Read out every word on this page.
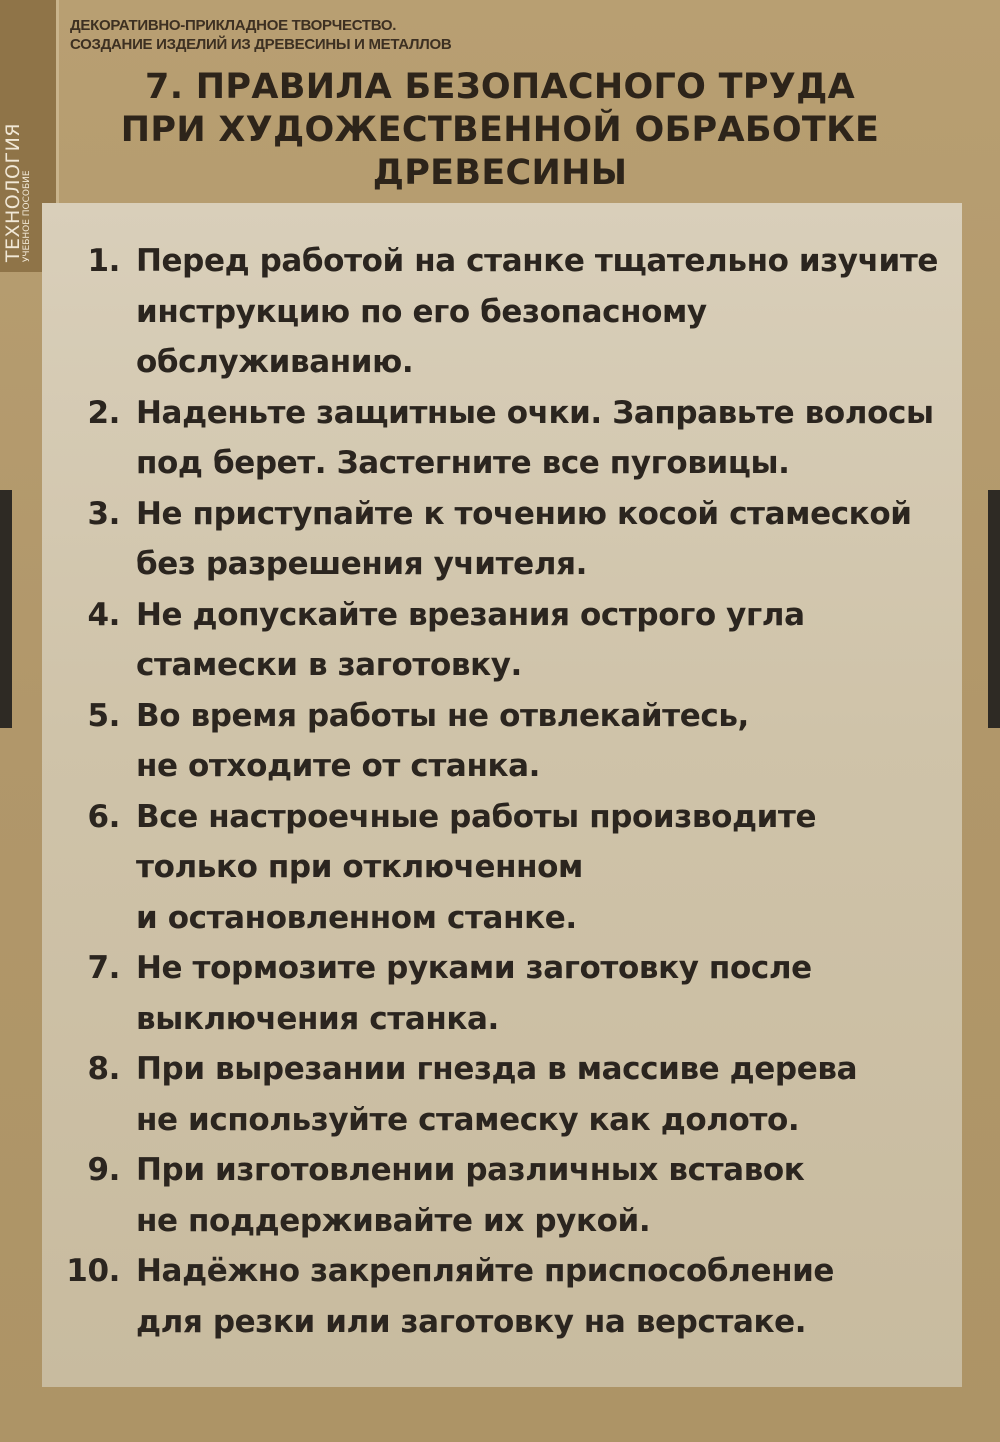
ТЕХНОЛОГИЯ
УЧЕБНОЕ ПОСОБИЕ
ДЕКОРАТИВНО-ПРИКЛАДНОЕ ТВОРЧЕСТВО.
СОЗДАНИЕ ИЗДЕЛИЙ ИЗ ДРЕВЕСИНЫ И МЕТАЛЛОВ
7. ПРАВИЛА БЕЗОПАСНОГО ТРУДА
ПРИ ХУДОЖЕСТВЕННОЙ ОБРАБОТКЕ
ДРЕВЕСИНЫ
1. Перед работой на станке тщательно изучите
инструкцию по его безопасному
обслуживанию.
2. Наденьте защитные очки. Заправьте волосы
под берет. Застегните все пуговицы.
3. Не приступайте к точению косой стамеской
без разрешения учителя.
4. Не допускайте врезания острого угла
стамески в заготовку.
5. Во время работы не отвлекайтесь,
не отходите от станка.
6. Все настроечные работы производите
только при отключенном
и остановленном станке.
7. Не тормозите руками заготовку после
выключения станка.
8. При вырезании гнезда в массиве дерева
не используйте стамеску как долото.
9. При изготовлении различных вставок
не поддерживайте их рукой.
10. Надёжно закрепляйте приспособление
для резки или заготовку на верстаке.
